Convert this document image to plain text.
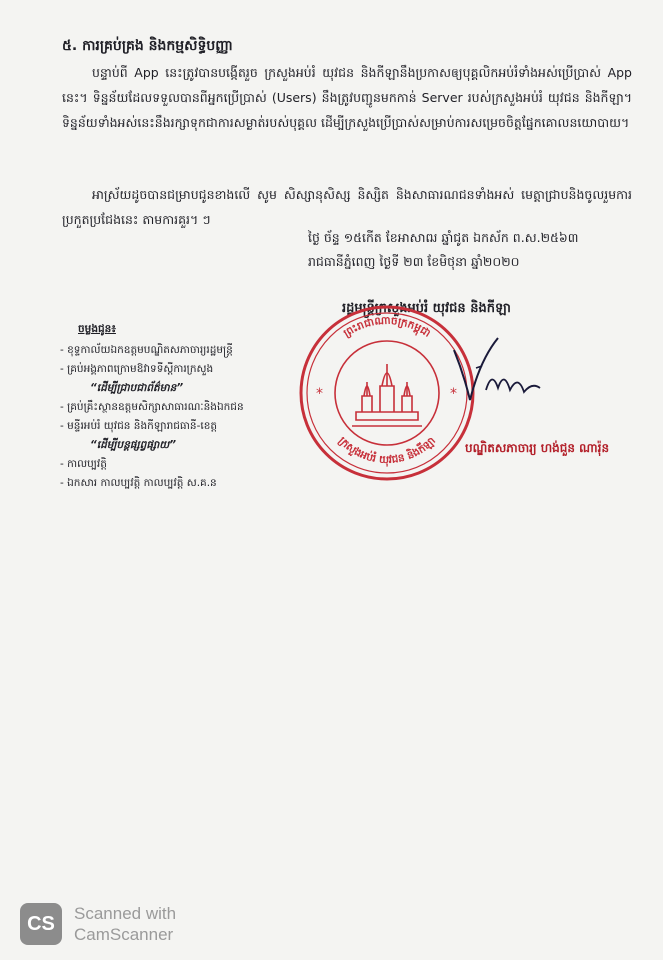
៥. ការគ្រប់គ្រង និងកម្មសិទ្ធិបញ្ញា
បន្ទាប់ពី App នេះត្រូវបានបង្កើតរួច ក្រសួងអប់រំ យុវជន និងកីឡានឹងប្រកាសឲ្យបុគ្គលិកអប់រំទាំងអស់ប្រើប្រាស់ App នេះ។ ទិន្នន័យដែលទទួលបានពីអ្នកប្រើប្រាស់ (Users) នឹងត្រូវបញ្ជូនមកកាន់ Server របស់ក្រសួងអប់រំ យុវជន និងកីឡា។ ទិន្នន័យទាំងអស់នេះនឹងរក្សាទុកជាការសម្ងាត់របស់បុគ្គល ដើម្បីក្រសួងប្រើប្រាស់សម្រាប់ការសម្រេចចិត្តផ្នែកគោលនយោបាយ។
អាស្រ័យដូចបានជម្រាបជូនខាងលើ សូម សិស្សានុសិស្ស និស្សិត និងសាធារណជនទាំងអស់ មេត្តាជ្រាបនិងចូលរួមការប្រកួតប្រជែងនេះ តាមការគួរ។ ៗ
ថ្ងៃ ច័ន្ទ ១៥កើត ខែអាសាឍ ឆ្នាំជូត ឯកស័ក ព.ស.២៥៦៣
រាជធានីភ្នំពេញ ថ្ងៃទី ២៣ ខែមិថុនា ឆ្នាំ២០២០
រដ្ឋមន្ត្រីក្រសួងអប់រំ យុវជន និងកីឡា
ចម្លងជូន៖
- ខុទ្ទកាល័យឯកឧត្តមបណ្ឌិតសភាចារ្យរដ្ឋមន្ត្រី
- គ្រប់អង្គភាពក្រោមឱវាទទីស្តីការក្រសួង
“ដើម្បីជ្រាបជាព័ត៌មាន”
- គ្រប់គ្រឹះស្ថានឧត្តមសិក្សាសាធារណៈនិងឯកជន
- មន្ទីរអប់រំ យុវជន និងកីឡារាជធានី-ខេត្ត
“ដើម្បីបន្តផ្សព្វផ្សាយ”
- កាលប្បវត្តិ
- ឯកសារ កាលប្បវត្តិ កាលប្បវត្តិ ស.គ.ន
ព្រះរាជាណាចក្រកម្ពុជា
ក្រសួងអប់រំ យុវជន និងកីឡា
*	*
បណ្ឌិតសភាចារ្យ ហង់ជួន ណារ៉ុន
CS	Scanned with
CamScanner
